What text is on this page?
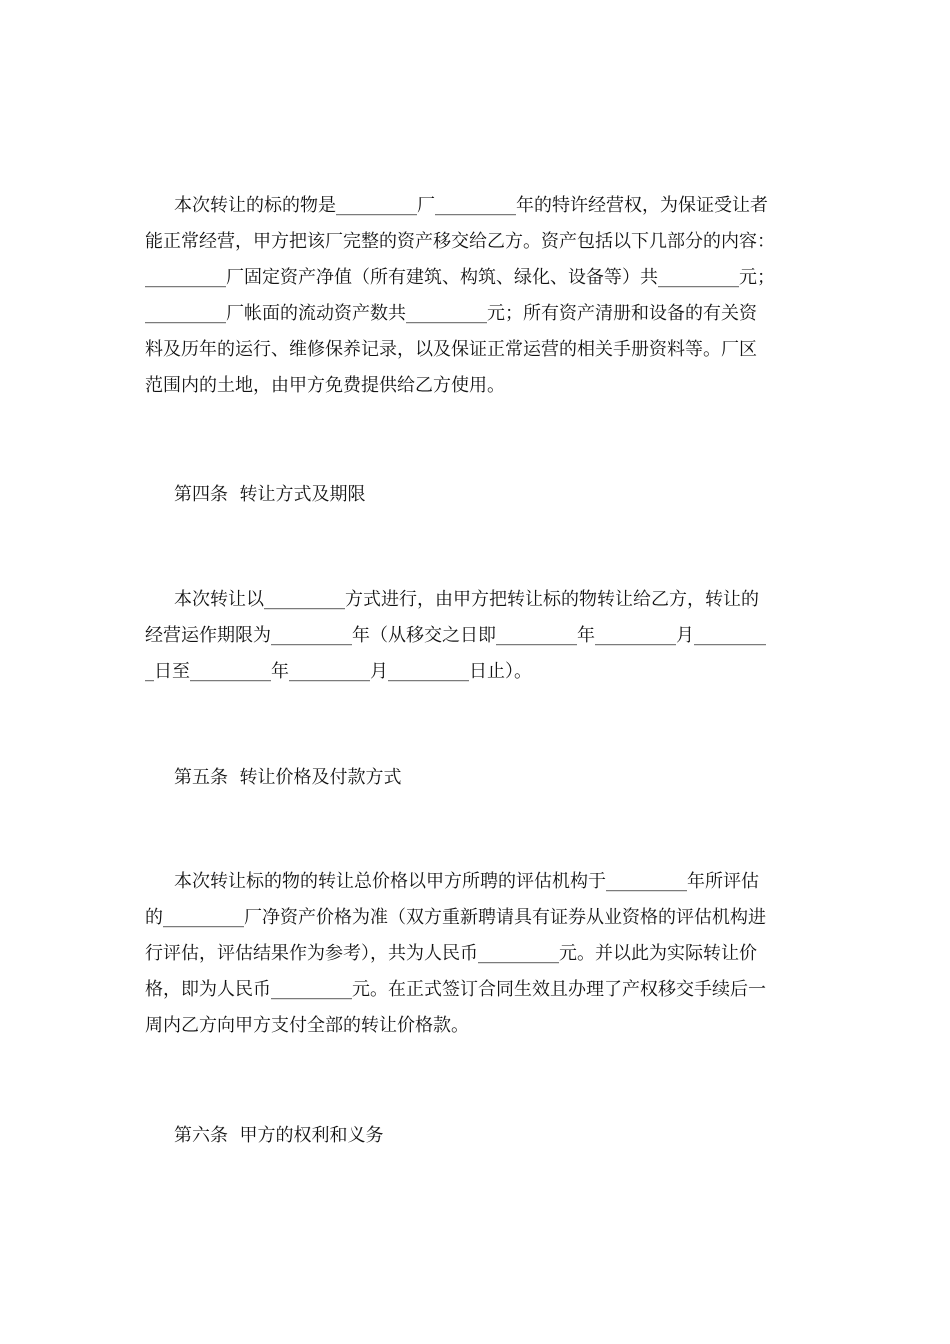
本次转让的标的物是_________厂_________年的特许经营权，为保证受让者
能正常经营，甲方把该厂完整的资产移交给乙方。资产包括以下几部分的内容：
_________厂固定资产净值（所有建筑、构筑、绿化、设备等）共_________元；
_________厂帐面的流动资产数共_________元；所有资产清册和设备的有关资
料及历年的运行、维修保养记录，以及保证正常运营的相关手册资料等。厂区
范围内的土地，由甲方免费提供给乙方使用。
第四条  转让方式及期限
本次转让以_________方式进行，由甲方把转让标的物转让给乙方，转让的
经营运作期限为_________年（从移交之日即_________年_________月________
_日至_________年_________月_________日止）。
第五条  转让价格及付款方式
本次转让标的物的转让总价格以甲方所聘的评估机构于_________年所评估
的_________厂净资产价格为准（双方重新聘请具有证券从业资格的评估机构进
行评估，评估结果作为参考），共为人民币_________元。并以此为实际转让价
格，即为人民币_________元。在正式签订合同生效且办理了产权移交手续后一
周内乙方向甲方支付全部的转让价格款。
第六条  甲方的权利和义务
